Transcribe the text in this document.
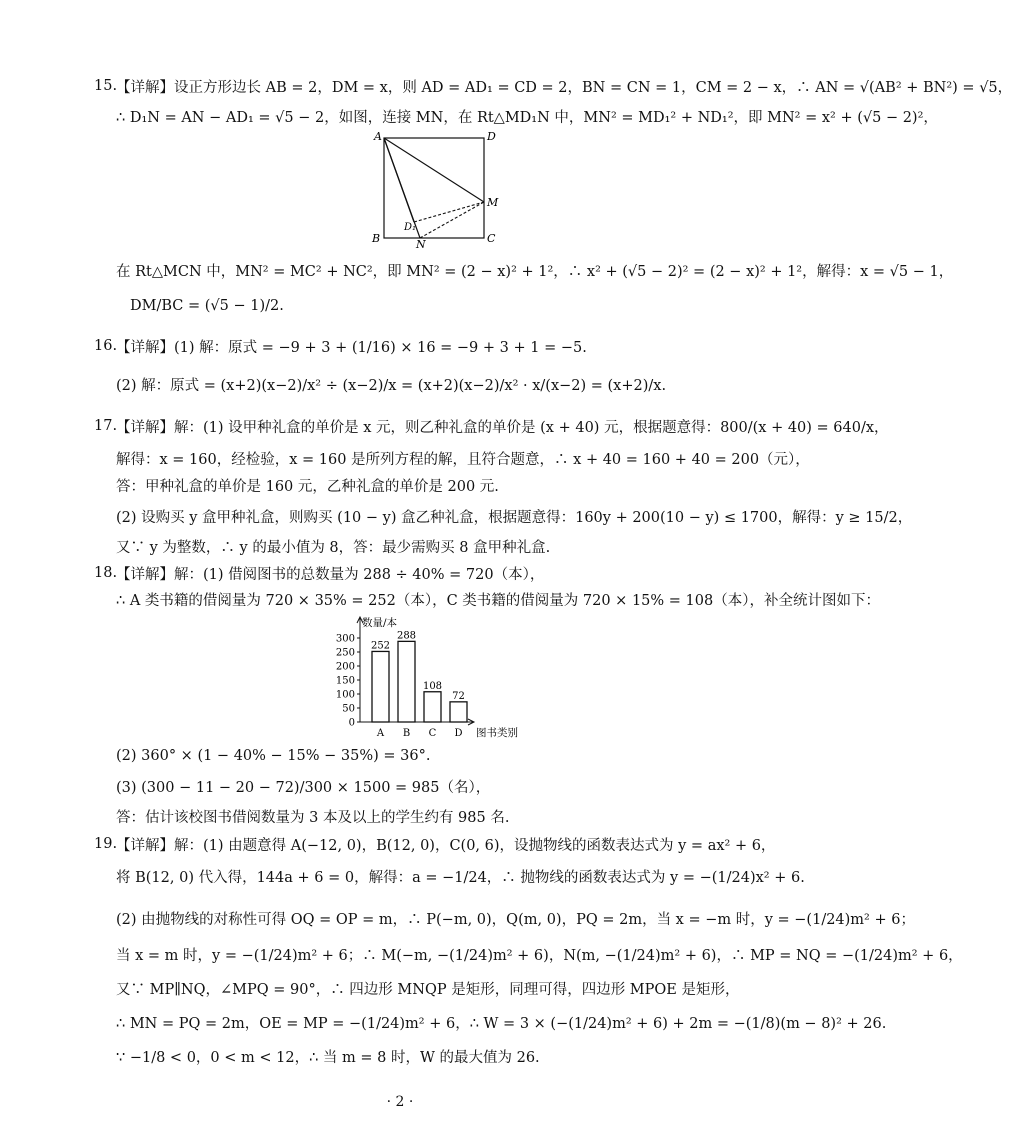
15.
【详解】设正方形边长 AB = 2，DM = x，则 AD = AD₁ = CD = 2，BN = CN = 1，CM = 2 − x，∴ AN = √(AB² + BN²) = √5，
∴ D₁N = AN − AD₁ = √5 − 2，如图，连接 MN，在 Rt△MD₁N 中，MN² = MD₁² + ND₁²，即 MN² = x² + (√5 − 2)²，
A	D
M
D₁
B	N	C
在 Rt△MCN 中，MN² = MC² + NC²，即 MN² = (2 − x)² + 1²，∴ x² + (√5 − 2)² = (2 − x)² + 1²，解得：x = √5 − 1，
DM/BC = (√5 − 1)/2.
16.
【详解】(1) 解：原式 = −9 + 3 + (1/16) × 16 = −9 + 3 + 1 = −5.
(2) 解：原式 = (x+2)(x−2)/x² ÷ (x−2)/x = (x+2)(x−2)/x² · x/(x−2) = (x+2)/x.
17.
【详解】解：(1) 设甲种礼盒的单价是 x 元，则乙种礼盒的单价是 (x + 40) 元，根据题意得：800/(x + 40) = 640/x，
解得：x = 160，经检验，x = 160 是所列方程的解，且符合题意，∴ x + 40 = 160 + 40 = 200（元），
答：甲种礼盒的单价是 160 元，乙种礼盒的单价是 200 元.
(2) 设购买 y 盒甲种礼盒，则购买 (10 − y) 盒乙种礼盒，根据题意得：160y + 200(10 − y) ≤ 1700，解得：y ≥ 15/2，
又∵ y 为整数，∴ y 的最小值为 8，答：最少需购买 8 盒甲种礼盒.
18.
【详解】解：(1) 借阅图书的总数量为 288 ÷ 40% = 720（本），
∴ A 类书籍的借阅量为 720 × 35% = 252（本），C 类书籍的借阅量为 720 × 15% = 108（本），补全统计图如下：
0
50
100
150
200
250
300
252
A
288
B
108
C
72
D
数量/本
图书类别
(2) 360° × (1 − 40% − 15% − 35%) = 36°.
(3) (300 − 11 − 20 − 72)/300 × 1500 = 985（名），
答：估计该校图书借阅数量为 3 本及以上的学生约有 985 名.
19.
【详解】解：(1) 由题意得 A(−12, 0)，B(12, 0)，C(0, 6)，设抛物线的函数表达式为 y = ax² + 6，
将 B(12, 0) 代入得，144a + 6 = 0，解得：a = −1/24，∴ 抛物线的函数表达式为 y = −(1/24)x² + 6.
(2) 由抛物线的对称性可得 OQ = OP = m，∴ P(−m, 0)，Q(m, 0)，PQ = 2m，当 x = −m 时，y = −(1/24)m² + 6；
当 x = m 时，y = −(1/24)m² + 6；∴ M(−m, −(1/24)m² + 6)，N(m, −(1/24)m² + 6)，∴ MP = NQ = −(1/24)m² + 6，
又∵ MP∥NQ，∠MPQ = 90°，∴ 四边形 MNQP 是矩形，同理可得，四边形 MPOE 是矩形，
∴ MN = PQ = 2m，OE = MP = −(1/24)m² + 6，∴ W = 3 × (−(1/24)m² + 6) + 2m = −(1/8)(m − 8)² + 26.
∵ −1/8 < 0，0 < m < 12，∴ 当 m = 8 时，W 的最大值为 26.
· 2 ·
